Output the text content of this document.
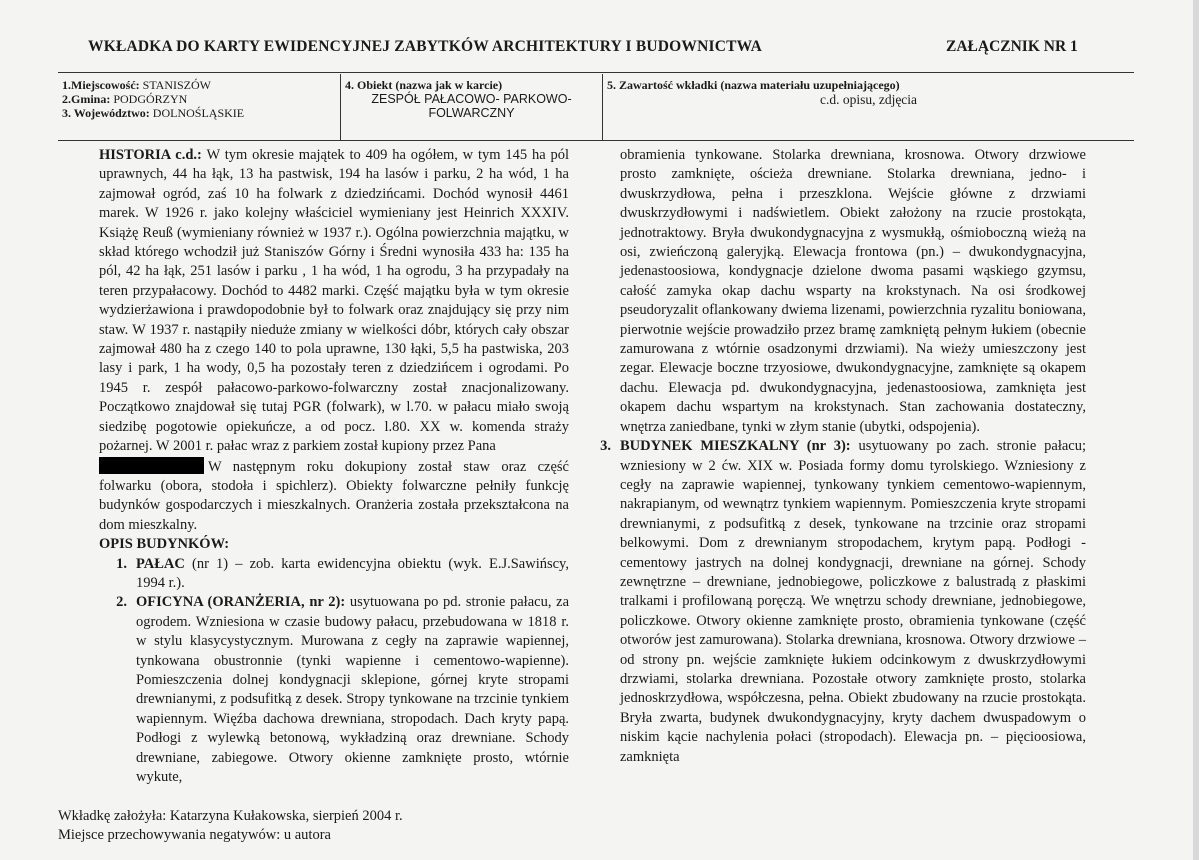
WKŁADKA DO KARTY EWIDENCYJNEJ ZABYTKÓW ARCHITEKTURY I BUDOWNICTWA	ZAŁĄCZNIK NR 1
1.Miejscowość: STANISZÓW
2.Gmina: PODGÓRZYN
3. Województwo: DOLNOŚLĄSKIE
4. Obiekt (nazwa jak w karcie)
ZESPÓŁ PAŁACOWO- PARKOWO-
FOLWARCZNY
5. Zawartość wkładki (nazwa materiału uzupełniającego)
c.d. opisu, zdjęcia

HISTORIA c.d.: W tym okresie majątek to 409 ha ogółem, w tym 145 ha pól uprawnych, 44 ha łąk, 13 ha pastwisk, 194 ha lasów i parku, 2 ha wód, 1 ha zajmował ogród, zaś 10 ha folwark z dziedzińcami. Dochód wynosił 4461 marek. W 1926 r. jako kolejny właściciel wymieniany jest Heinrich XXXIV. Książę Reuß (wymieniany również w 1937 r.). Ogólna powierzchnia majątku, w skład którego wchodził już Staniszów Górny i Średni wynosiła 433 ha: 135 ha pól, 42 ha łąk, 251 lasów i parku , 1 ha wód, 1 ha ogrodu, 3 ha przypadały na teren przypałacowy. Dochód to 4482 marki. Część majątku była w tym okresie wydzierżawiona i prawdopodobnie był to folwark oraz znajdujący się przy nim staw. W 1937 r. nastąpiły nieduże zmiany w wielkości dóbr, których cały obszar zajmował 480 ha z czego 140 to pola uprawne, 130 łąki, 5,5 ha pastwiska, 203 lasy i park, 1 ha wody, 0,5 ha pozostały teren z dziedzińcem i ogrodami. Po 1945 r. zespół pałacowo-parkowo-folwarczny został znacjonalizowany. Początkowo znajdował się tutaj PGR (folwark), w l.70. w pałacu miało swoją siedzibę pogotowie opiekuńcze, a od pocz. l.80. XX w. komenda straży pożarnej. W 2001 r. pałac wraz z parkiem został kupiony przez Pana

W następnym roku dokupiony został staw oraz część folwarku (obora, stodoła i spichlerz). Obiekty folwarczne pełniły funkcję budynków gospodarczych i mieszkalnych. Oranżeria została przekształcona na dom mieszkalny.

OPIS BUDYNKÓW:

1. PAŁAC (nr 1) – zob. karta ewidencyjna obiektu (wyk. E.J.Sawińscy, 1994 r.).
2. OFICYNA (ORANŻERIA, nr 2): usytuowana po pd. stronie pałacu, za ogrodem. Wzniesiona w czasie budowy pałacu, przebudowana w 1818 r. w stylu klasycystycznym. Murowana z cegły na zaprawie wapiennej, tynkowana obustronnie (tynki wapienne i cementowo-wapienne). Pomieszczenia dolnej kondygnacji sklepione, górnej kryte stropami drewnianymi, z podsufitką z desek. Stropy tynkowane na trzcinie tynkiem wapiennym. Więźba dachowa drewniana, stropodach. Dach kryty papą. Podłogi z wylewką betonową, wykładziną oraz drewniane. Schody drewniane, zabiegowe. Otwory okienne zamknięte prosto, wtórnie wykute,

obramienia tynkowane. Stolarka drewniana, krosnowa. Otwory drzwiowe prosto zamknięte, ościeża drewniane. Stolarka drewniana, jedno- i dwuskrzydłowa, pełna i przeszklona. Wejście główne z drzwiami dwuskrzydłowymi i nadświetlem. Obiekt założony na rzucie prostokąta, jednotraktowy. Bryła dwukondygnacyjna z wysmukłą, ośmioboczną wieżą na osi, zwieńczoną galeryjką. Elewacja frontowa (pn.) – dwukondygnacyjna, jedenastoosiowa, kondygnacje dzielone dwoma pasami wąskiego gzymsu, całość zamyka okap dachu wsparty na krokstynach. Na osi środkowej pseudoryzalit oflankowany dwiema lizenami, powierzchnia ryzalitu boniowana, pierwotnie wejście prowadziło przez bramę zamkniętą pełnym łukiem (obecnie zamurowana z wtórnie osadzonymi drzwiami). Na wieży umieszczony jest zegar. Elewacje boczne trzyosiowe, dwukondygnacyjne, zamknięte są okapem dachu. Elewacja pd. dwukondygnacyjna, jedenastoosiowa, zamknięta jest okapem dachu wspartym na krokstynach. Stan zachowania dostateczny, wnętrza zaniedbane, tynki w złym stanie (ubytki, odspojenia).

3. BUDYNEK MIESZKALNY (nr 3): usytuowany po zach. stronie pałacu; wzniesiony w 2 ćw. XIX w. Posiada formy domu tyrolskiego. Wzniesiony z cegły na zaprawie wapiennej, tynkowany tynkiem cementowo-wapiennym, nakrapianym, od wewnątrz tynkiem wapiennym. Pomieszczenia kryte stropami drewnianymi, z podsufitką z desek, tynkowane na trzcinie oraz stropami belkowymi. Dom z drewnianym stropodachem, krytym papą. Podłogi - cementowy jastrych na dolnej kondygnacji, drewniane na górnej. Schody zewnętrzne – drewniane, jednobiegowe, policzkowe z balustradą z płaskimi tralkami i profilowaną poręczą. We wnętrzu schody drewniane, jednobiegowe, policzkowe. Otwory okienne zamknięte prosto, obramienia tynkowane (część otworów jest zamurowana). Stolarka drewniana, krosnowa. Otwory drzwiowe – od strony pn. wejście zamknięte łukiem odcinkowym z dwuskrzydłowymi drzwiami, stolarka drewniana. Pozostałe otwory zamknięte prosto, stolarka jednoskrzydłowa, współczesna, pełna. Obiekt zbudowany na rzucie prostokąta. Bryła zwarta, budynek dwukondygnacyjny, kryty dachem dwuspadowym o niskim kącie nachylenia połaci (stropodach). Elewacja pn. – pięcioosiowa, zamknięta
Wkładkę założyła: Katarzyna Kułakowska, sierpień 2004 r.
Miejsce przechowywania negatywów: u autora
